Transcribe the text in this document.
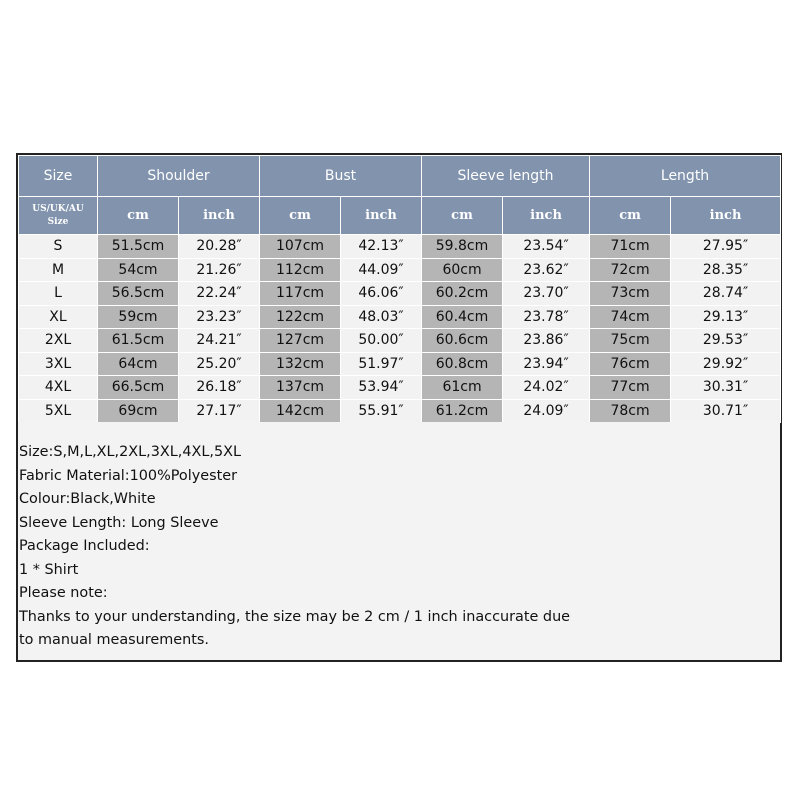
Size	Shoulder		Bust		Sleeve length		Length	

US/UK/AU
Size	cm	inch	cm	inch	cm	inch	cm	inch
S	51.5cm	20.28″	107cm	42.13″	59.8cm	23.54″	71cm	27.95″
M	54cm	21.26″	112cm	44.09″	60cm	23.62″	72cm	28.35″
L	56.5cm	22.24″	117cm	46.06″	60.2cm	23.70″	73cm	28.74″
XL	59cm	23.23″	122cm	48.03″	60.4cm	23.78″	74cm	29.13″
2XL	61.5cm	24.21″	127cm	50.00″	60.6cm	23.86″	75cm	29.53″
3XL	64cm	25.20″	132cm	51.97″	60.8cm	23.94″	76cm	29.92″
4XL	66.5cm	26.18″	137cm	53.94″	61cm	24.02″	77cm	30.31″
5XL	69cm	27.17″	142cm	55.91″	61.2cm	24.09″	78cm	30.71″
Size:S,M,L,XL,2XL,3XL,4XL,5XL
Fabric Material:100%Polyester
Colour:Black,White
Sleeve Length: Long Sleeve
Package Included:
1 * Shirt
Please note:
Thanks to your understanding, the size may be 2 cm / 1 inch inaccurate due
to manual measurements.
